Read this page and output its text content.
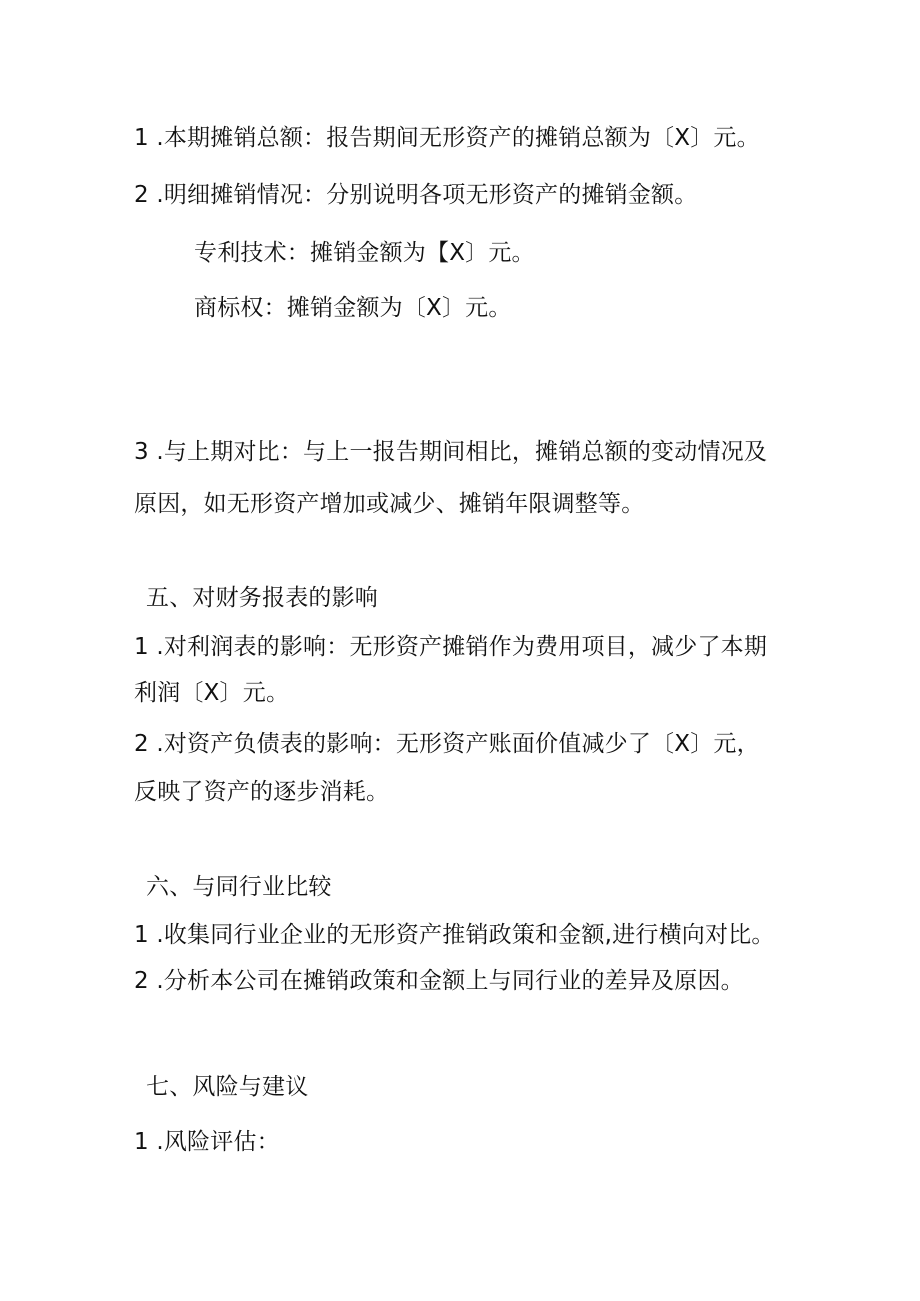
1 .本期摊销总额：报告期间无形资产的摊销总额为〔X〕元。
2 .明细摊销情况：分别说明各项无形资产的摊销金额。
专利技术：摊销金额为【X〕元。
商标权：摊销金额为〔X〕元。
3 .与上期对比：与上一报告期间相比，摊销总额的变动情况及
原因，如无形资产增加或减少、摊销年限调整等。
五、对财务报表的影响
1 .对利润表的影响：无形资产摊销作为费用项目，减少了本期
利润〔X〕元。
2 .对资产负债表的影响：无形资产账面价值减少了〔X〕元，
反映了资产的逐步消耗。
六、与同行业比较
1 .收集同行业企业的无形资产推销政策和金额,进行横向对比。
2 .分析本公司在摊销政策和金额上与同行业的差异及原因。
七、风险与建议
1 .风险评估：
